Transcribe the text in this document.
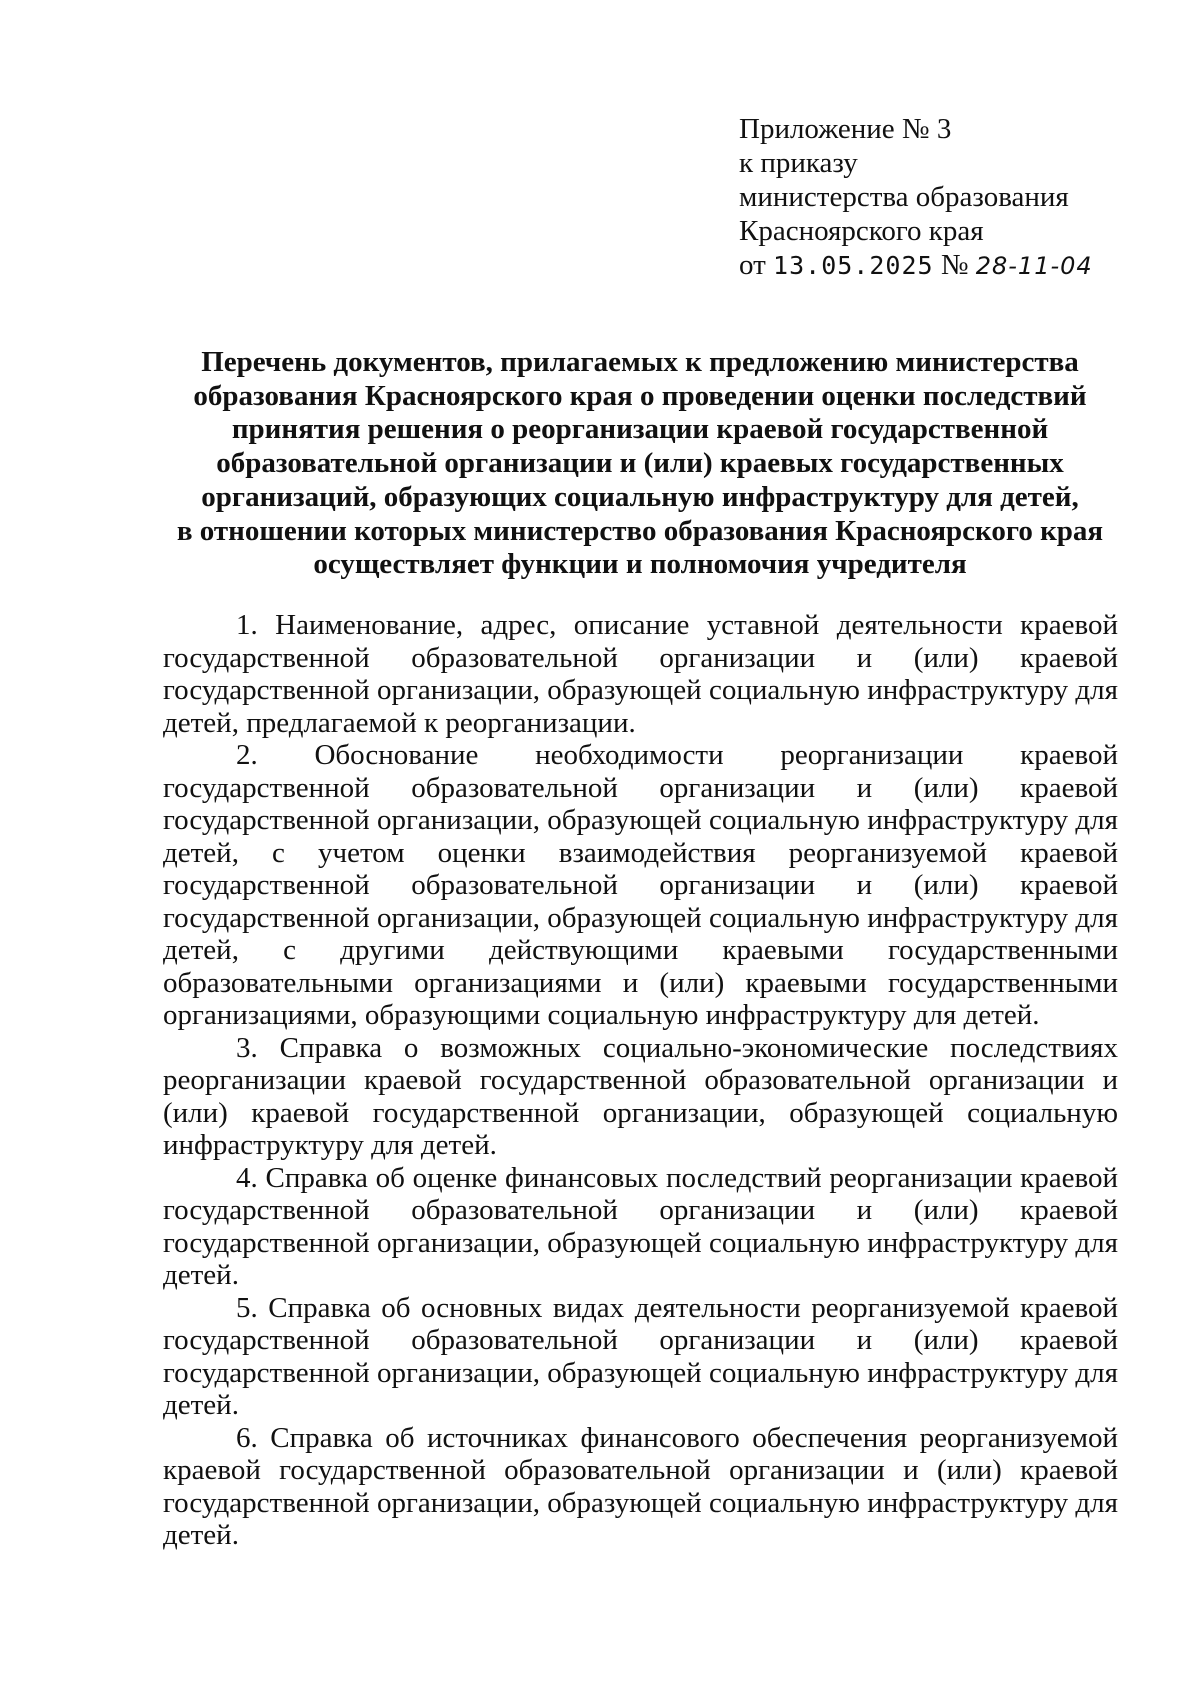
Приложение № 3
к приказу
министерства образования
Красноярского края
от 13.05.2025 № 28-11-04
Перечень документов, прилагаемых к предложению министерства
образования Красноярского края о проведении оценки последствий
принятия решения о реорганизации краевой государственной
образовательной организации и (или) краевых государственных
организаций, образующих социальную инфраструктуру для детей,
в отношении которых министерство образования Красноярского края
осуществляет функции и полномочия учредителя

1. Наименование, адрес, описание уставной деятельности краевой государственной образовательной организации и (или) краевой государственной организации, образующей социальную инфраструктуру для детей, предлагаемой к реорганизации.

2. Обоснование необходимости реорганизации краевой государственной образовательной организации и (или) краевой государственной организации, образующей социальную инфраструктуру для детей, с учетом оценки взаимодействия реорганизуемой краевой государственной образовательной организации и (или) краевой государственной организации, образующей социальную инфраструктуру для детей, с другими действующими краевыми государственными образовательными организациями и (или) краевыми государственными организациями, образующими социальную инфраструктуру для детей.

3. Справка о возможных социально-экономические последствиях реорганизации краевой государственной образовательной организации и (или) краевой государственной организации, образующей социальную инфраструктуру для детей.

4. Справка об оценке финансовых последствий реорганизации краевой государственной образовательной организации и (или) краевой государственной организации, образующей социальную инфраструктуру для детей.

5. Справка об основных видах деятельности реорганизуемой краевой государственной образовательной организации и (или) краевой государственной организации, образующей социальную инфраструктуру для детей.

6. Справка об источниках финансового обеспечения реорганизуемой краевой государственной образовательной организации и (или) краевой государственной организации, образующей социальную инфраструктуру для детей.
